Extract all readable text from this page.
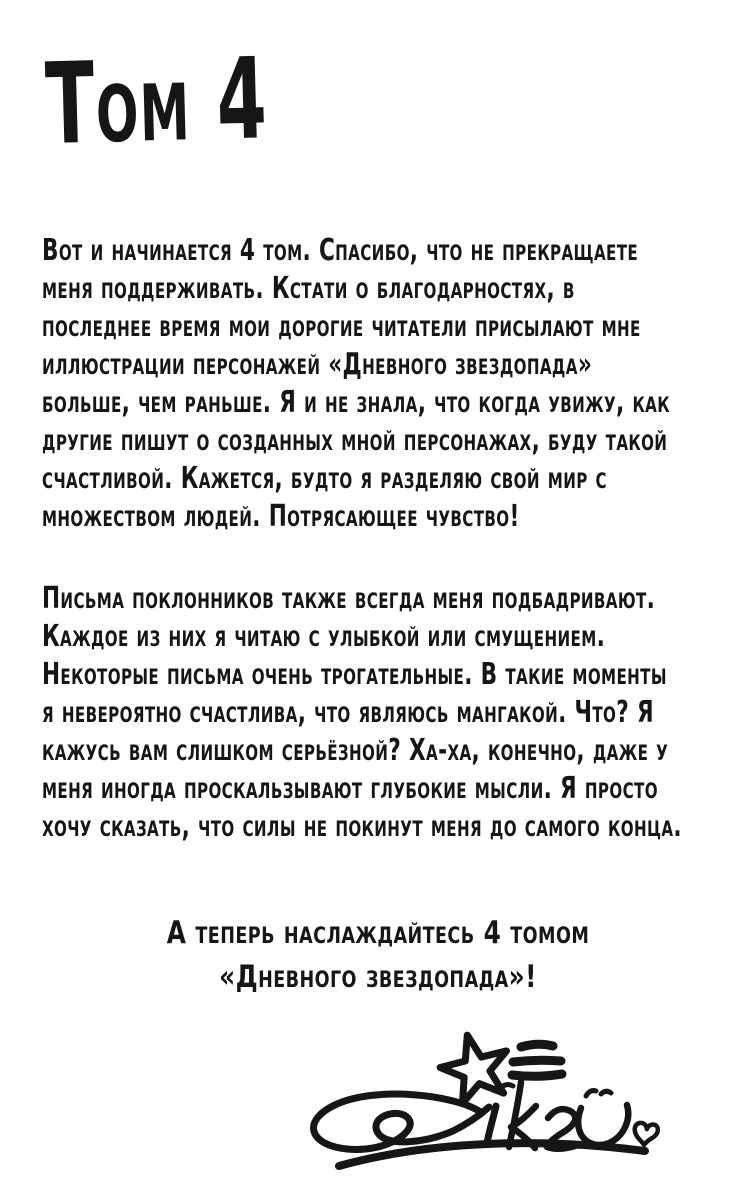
Том 4
Вот и начинается 4 том. Спасибо, что не прекращаете
меня поддерживать. Кстати о благодарностях, в
последнее время мои дорогие читатели присылают мне
иллюстрации персонажей «Дневного звездопада»
больше, чем раньше. Я и не знала, что когда увижу, как
другие пишут о созданных мной персонажах, буду такой
счастливой. Кажется, будто я разделяю свой мир с
множеством людей. Потрясающее чувство!
Письма поклонников также всегда меня подбадривают.
Каждое из них я читаю с улыбкой или смущением.
Некоторые письма очень трогательные. В такие моменты
я невероятно счастлива, что являюсь мангакой. Что? Я
кажусь вам слишком серьёзной? Ха-ха, конечно, даже у
меня иногда проскальзывают глубокие мысли. Я просто
хочу сказать, что силы не покинут меня до самого конца.
А теперь наслаждайтесь 4 томом
«Дневного звездопада»!
